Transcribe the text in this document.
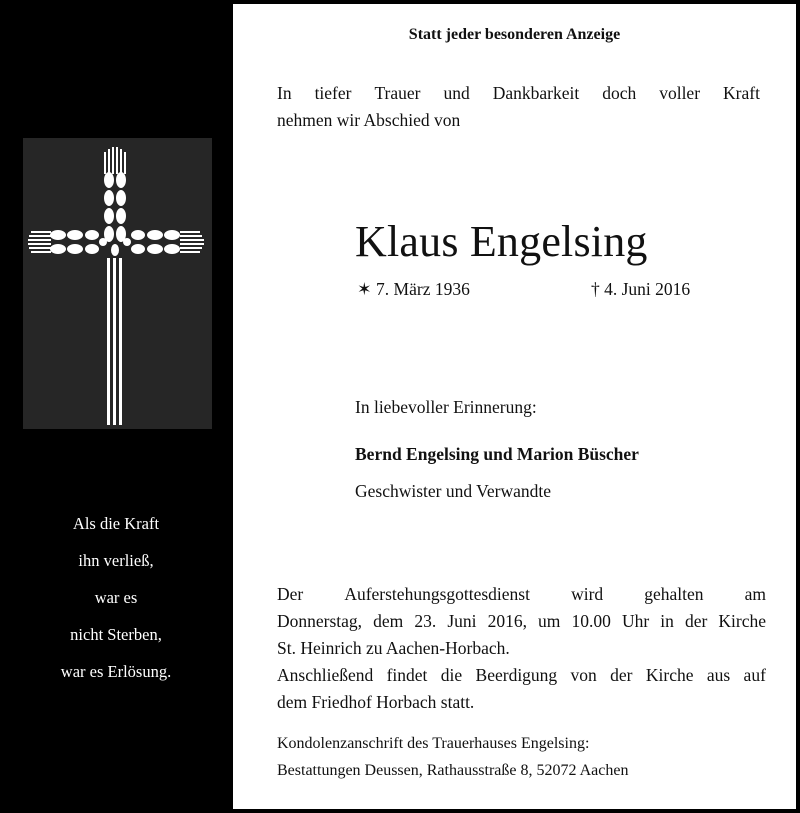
Als die Kraft
ihn verließ,
war es
nicht Sterben,
war es Erlösung.
Statt jeder besonderen Anzeige
In tiefer Trauer und Dankbarkeit doch voller Kraft
nehmen wir Abschied von
Klaus Engelsing
✶ 7. März 1936	† 4. Juni 2016
In liebevoller Erinnerung:
Bernd Engelsing und Marion Büscher
Geschwister und Verwandte
Der Auferstehungsgottesdienst wird gehalten am
Donnerstag, dem 23. Juni 2016, um 10.00 Uhr in der Kirche
St. Heinrich zu Aachen-Horbach.
Anschließend findet die Beerdigung von der Kirche aus auf
dem Friedhof Horbach statt.
Kondolenzanschrift des Trauerhauses Engelsing:
Bestattungen Deussen, Rathausstraße 8, 52072 Aachen
